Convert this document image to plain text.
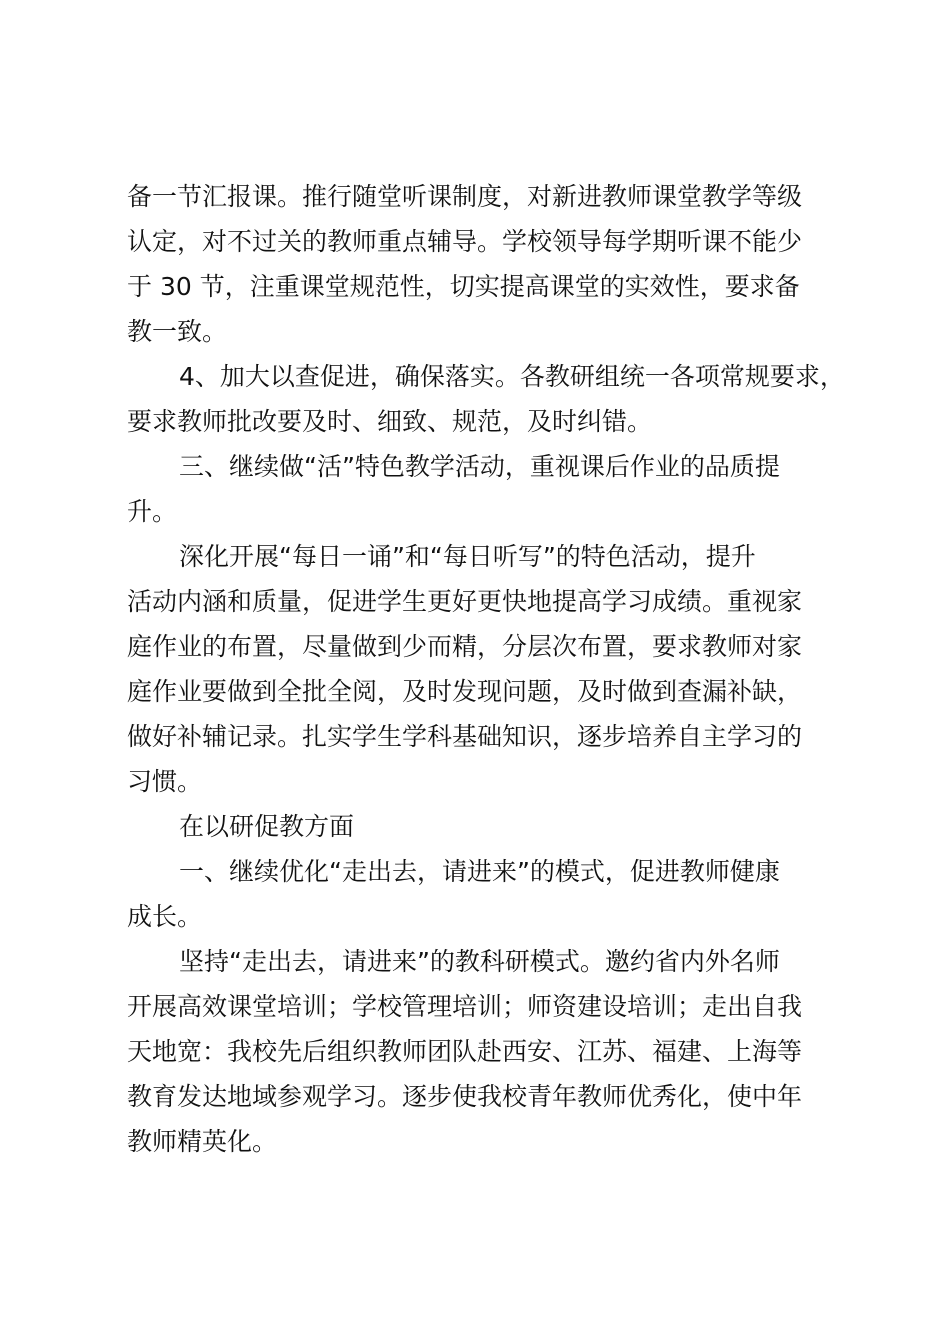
备一节汇报课。推行随堂听课制度，对新进教师课堂教学等级
认定，对不过关的教师重点辅导。学校领导每学期听课不能少
于 30 节，注重课堂规范性，切实提高课堂的实效性，要求备
教一致。
4、加大以查促进，确保落实。各教研组统一各项常规要求，
要求教师批改要及时、细致、规范，及时纠错。
三、继续做“活”特色教学活动，重视课后作业的品质提
升。
深化开展“每日一诵”和“每日听写”的特色活动，提升
活动内涵和质量，促进学生更好更快地提高学习成绩。重视家
庭作业的布置，尽量做到少而精，分层次布置，要求教师对家
庭作业要做到全批全阅，及时发现问题，及时做到查漏补缺，
做好补辅记录。扎实学生学科基础知识，逐步培养自主学习的
习惯。
在以研促教方面
一、继续优化“走出去，请进来”的模式，促进教师健康
成长。
坚持“走出去，请进来”的教科研模式。邀约省内外名师
开展高效课堂培训；学校管理培训；师资建设培训；走出自我
天地宽：我校先后组织教师团队赴西安、江苏、福建、上海等
教育发达地域参观学习。逐步使我校青年教师优秀化，使中年
教师精英化。
